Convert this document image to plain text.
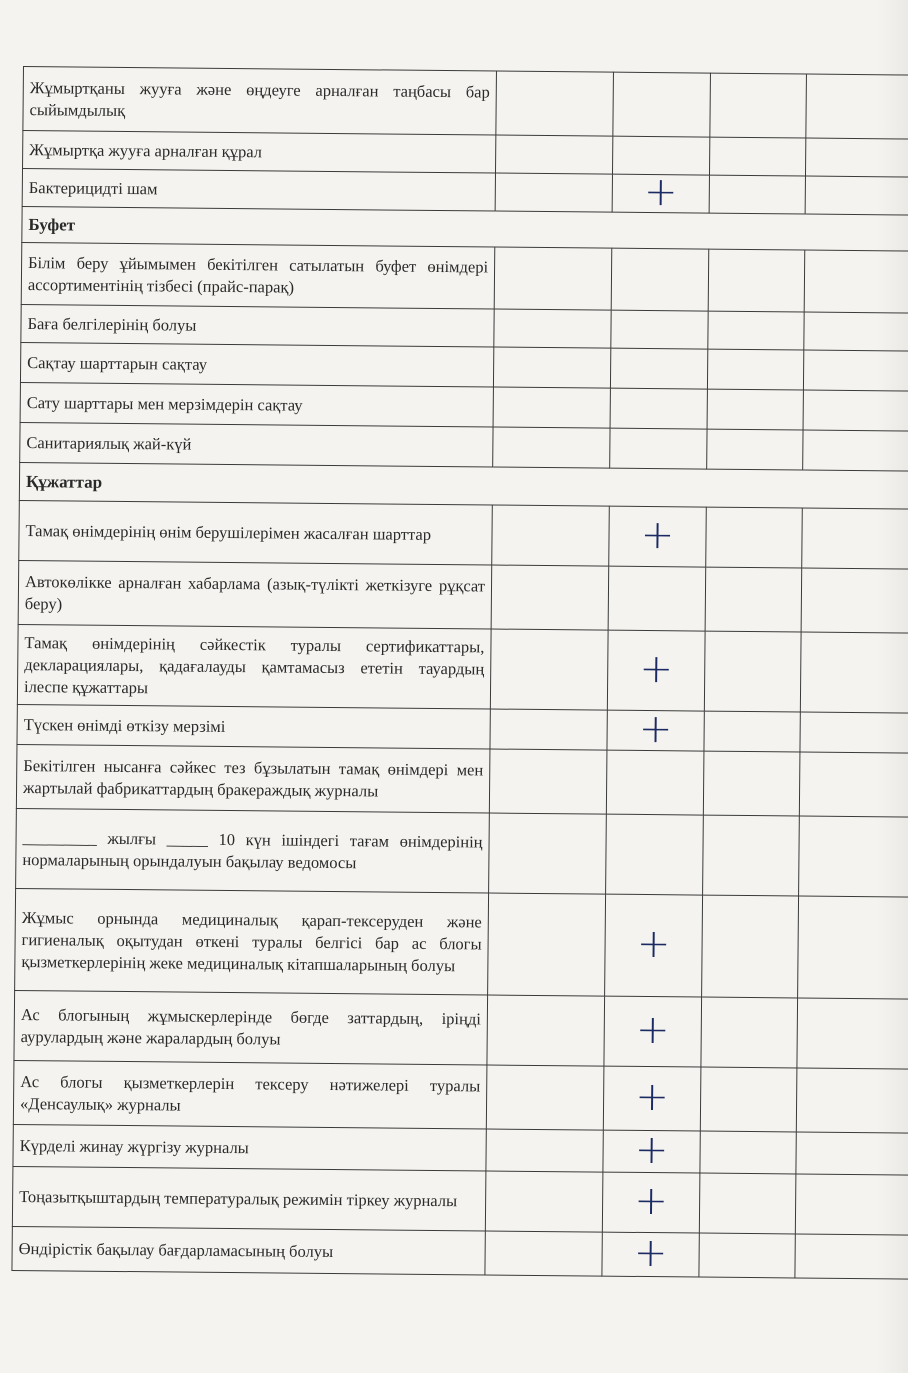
Жұмыртқаны жууға және өңдеуге арналған таңбасы бар сыйымдылық				
Жұмыртқа жууға арналған құрал				
Бактерицидті шам		+		
Буфет				
Білім беру ұйымымен бекітілген сатылатын буфет өнімдері ассортиментінің тізбесі (прайс-парақ)				
Баға белгілерінің болуы				
Сақтау шарттарын сақтау				
Сату шарттары мен мерзімдерін сақтау				
Санитариялық жай-күй				
Құжаттар				
Тамақ өнімдерінің өнім берушілерімен жасалған шарттар		+		
Автокөлікке арналған хабарлама (азық-түлікті жеткізуге рұқсат беру)				
Тамақ өнімдерінің сәйкестік туралы сертификаттары, декларациялары, қадағалауды қамтамасыз ететін тауардың ілеспе құжаттары		+		
Түскен өнімді өткізу мерзімі		+		
Бекітілген нысанға сәйкес тез бұзылатын тамақ өнімдері мен жартылай фабрикаттардың бракераждық журналы				
_________ жылғы _____ 10 күн ішіндегі тағам өнімдерінің нормаларының орындалуын бақылау ведомосы				
Жұмыс орнында медициналық қарап-тексеруден және гигиеналық оқытудан өткені туралы белгісі бар ас блогы қызметкерлерінің жеке медициналық кітапшаларының болуы		+		
Ас блогының жұмыскерлерінде бөгде заттардың, іріңді аурулардың және жаралардың болуы		+		
Ас блогы қызметкерлерін тексеру нәтижелері туралы «Денсаулық» журналы		+		
Күрделі жинау жүргізу журналы		+		
Тоңазытқыштардың температуралық режимін тіркеу журналы		+		
Өндірістік бақылау бағдарламасының болуы		+		
